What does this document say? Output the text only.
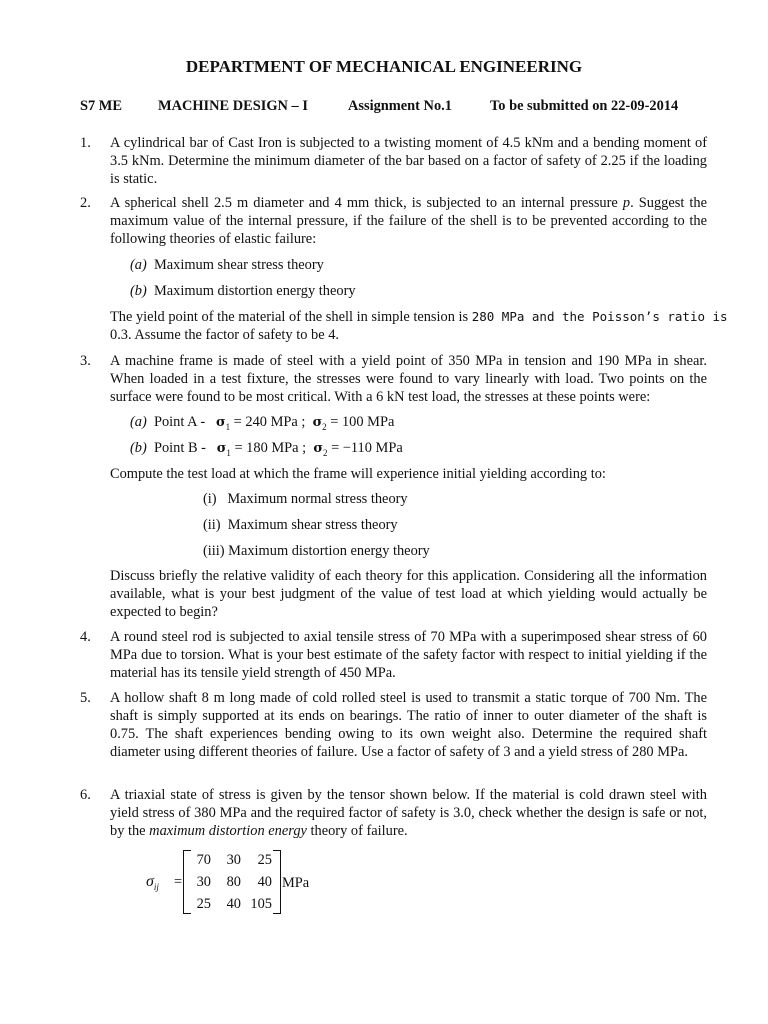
DEPARTMENT OF MECHANICAL ENGINEERING
S7 ME	MACHINE DESIGN – I	Assignment No.1	To be submitted on 22-09-2014
1. A cylindrical bar of Cast Iron is subjected to a twisting moment of 4.5 kNm and a bending moment of 3.5 kNm. Determine the minimum diameter of the bar based on a factor of safety of 2.25 if the loading is static.
2. A spherical shell 2.5 m diameter and 4 mm thick, is subjected to an internal pressure p. Suggest the maximum value of the internal pressure, if the failure of the shell is to be prevented according to the following theories of elastic failure:
(a) Maximum shear stress theory
(b) Maximum distortion energy theory
The yield point of the material of the shell in simple tension is 280 MPa and the Poisson’s ratio is
0.3. Assume the factor of safety to be 4.
3. A machine frame is made of steel with a yield point of 350 MPa in tension and 190 MPa in shear. When loaded in a test fixture, the stresses were found to vary linearly with load. Two points on the surface were found to be most critical. With a 6 kN test load, the stresses at these points were:
(a) Point $A - \sigma_1 = 240$ MPa ; $\sigma_2 = 100$ MPa
(b) Point $B - \sigma_1 = 180$ MPa ; $\sigma_2 = -110$ MPa
Compute the test load at which the frame will experience initial yielding according to:
(i)   Maximum normal stress theory
(ii)  Maximum shear stress theory
(iii) Maximum distortion energy theory
Discuss briefly the relative validity of each theory for this application. Considering all the information available, what is your best judgment of the value of test load at which yielding would actually be expected to begin?
4. A round steel rod is subjected to axial tensile stress of 70 MPa with a superimposed shear stress of 60 MPa due to torsion. What is your best estimate of the safety factor with respect to initial yielding if the material has its tensile yield strength of 450 MPa.
5. A hollow shaft 8 m long made of cold rolled steel is used to transmit a static torque of 700 Nm. The shaft is simply supported at its ends on bearings. The ratio of inner to outer diameter of the shaft is 0.75. The shaft experiences bending owing to its own weight also. Determine the required shaft diameter using different theories of failure. Use a factor of safety of 3 and a yield stress of 280 MPa.
6. A triaxial state of stress is given by the tensor shown below. If the material is cold drawn steel with yield stress of 380 MPa and the required factor of safety is 3.0, check whether the design is safe or not, by the maximum distortion energy theory of failure.
$\sigma_{ij}$ =
70	30	25
30	80	40
25	40 105
MPa
